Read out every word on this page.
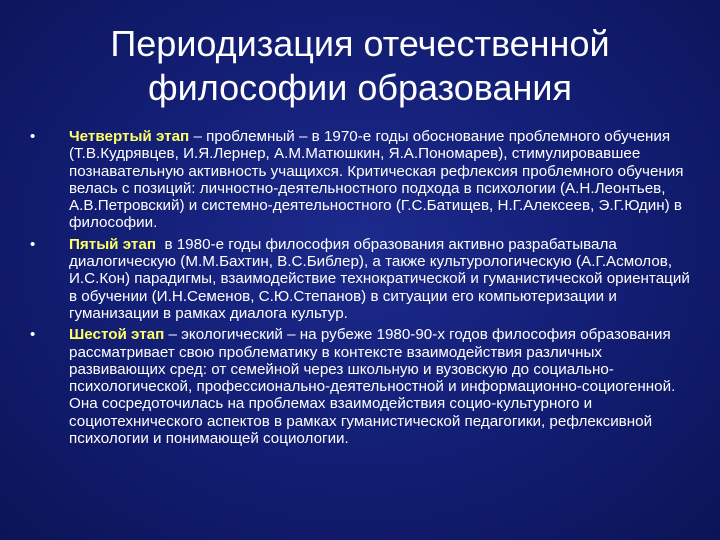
Периодизация отечественной
философии образования

• Четвертый этап – проблемный – в 1970-е годы обоснование проблемного обучения (Т.В.Кудрявцев, И.Я.Лернер, А.М.Матюшкин, Я.А.Пономарев), стимулировавшее познавательную активность учащихся. Критическая рефлексия проблемного обучения велась с позиций: личностно-деятельностного подхода в психологии (А.Н.Леонтьев, А.В.Петровский) и системно-деятельностного (Г.С.Батищев, Н.Г.Алексеев, Э.Г.Юдин) в философии.

• Пятый этап  в 1980-е годы философия образования активно разрабатывала диалогическую (М.М.Бахтин, В.С.Библер), а также культурологическую (А.Г.Асмолов, И.С.Кон) парадигмы, взаимодействие технократической и гуманистической ориентаций в обучении (И.Н.Семенов, С.Ю.Степанов) в ситуации его компьютеризации и гуманизации в рамках диалога культур.

• Шестой этап – экологический – на рубеже 1980-90-х годов философия образования рассматривает свою проблематику в контексте взаимодействия различных развивающих сред: от семейной через школьную и вузовскую до социально-психологической, профессионально-деятельностной и информационно-социогенной. Она сосредоточилась на проблемах взаимодействия социо-культурного и социотехнического аспектов в рамках гуманистической педагогики, рефлексивной психологии и понимающей социологии.
